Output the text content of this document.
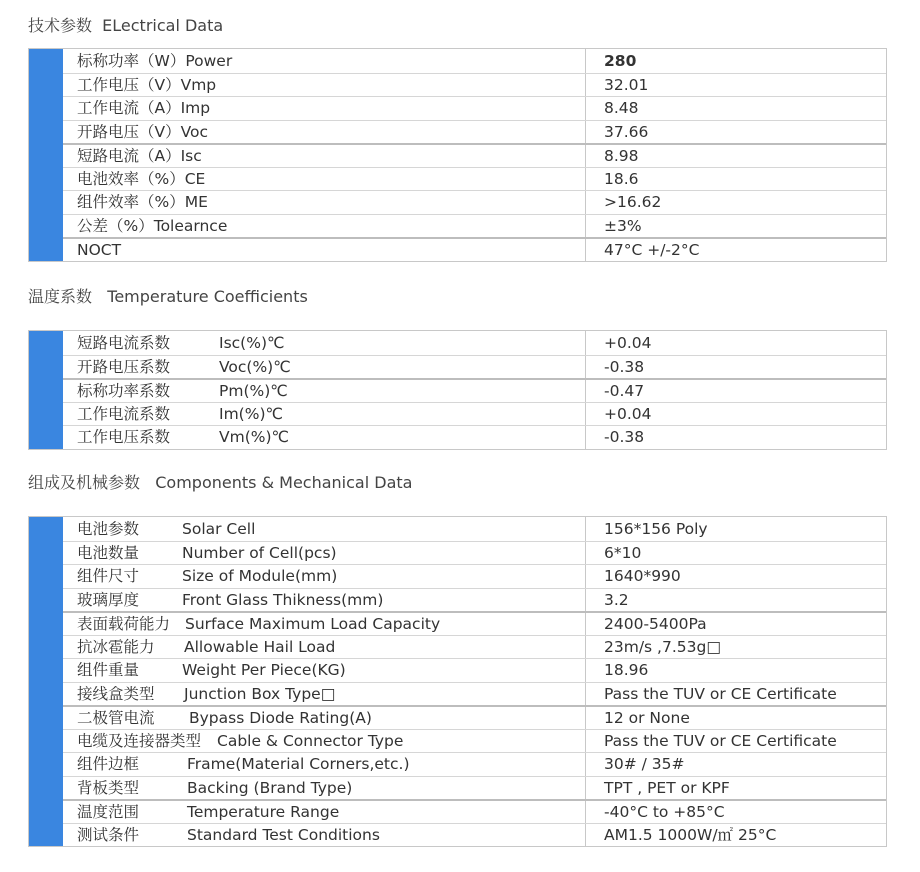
技术参数  ELectrical Data
标称功率（W）Power	280
工作电压（V）Vmp	32.01
工作电流（A）Imp	8.48
开路电压（V）Voc	37.66
短路电流（A）Isc	8.98
电池效率（%）CE	18.6
组件效率（%）ME	>16.62
公差（%）Tolearnce	±3%
NOCT	47°C +/-2°C
温度系数   Temperature Coefficients
短路电流系数	Isc(%)℃	+0.04
开路电压系数	Voc(%)℃	-0.38
标称功率系数	Pm(%)℃	-0.47
工作电流系数	Im(%)℃	+0.04
工作电压系数	Vm(%)℃	-0.38
组成及机械参数   Components & Mechanical Data
电池参数	Solar Cell	156*156 Poly
电池数量	Number of Cell(pcs)	6*10
组件尺寸	Size of Module(mm)	1640*990
玻璃厚度	Front Glass Thikness(mm)	3.2
表面载荷能力 Surface Maximum Load Capacity	2400-5400Pa
抗冰雹能力	Allowable Hail Load	23m/s ,7.53g□
组件重量	Weight Per Piece(KG)	18.96
接线盒类型	Junction Box Type□	Pass the TUV or CE Certificate
二极管电流	Bypass Diode Rating(A)	12 or None
电缆及连接器类型	Cable & Connector Type	Pass the TUV or CE Certificate
组件边框	Frame(Material Corners,etc.)	30# / 35#
背板类型	Backing (Brand Type)	TPT , PET or KPF
温度范围	Temperature Range	-40°C to +85°C
测试条件	Standard Test Conditions	AM1.5 1000W/㎡ 25°C
